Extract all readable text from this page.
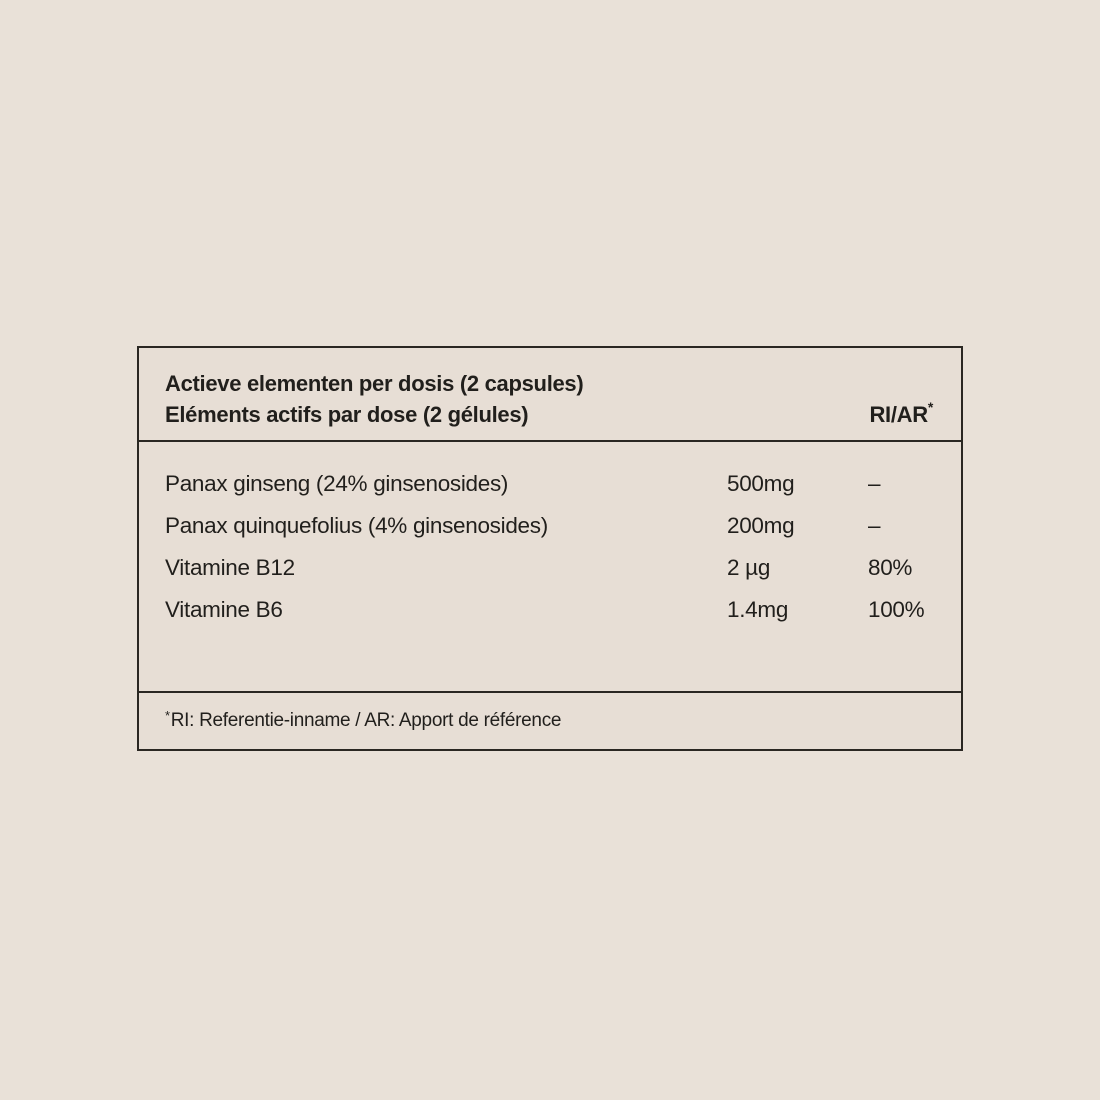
Actieve elementen per dosis (2 capsules)
Eléments actifs par dose (2 gélules)	RI/AR*
Panax ginseng (24% ginsenosides)	500mg	–
Panax quinquefolius (4% ginsenosides)	200mg	–
Vitamine B12	2 µg	80%
Vitamine B6	1.4mg	100%
* RI: Referentie-inname / AR: Apport de référence
